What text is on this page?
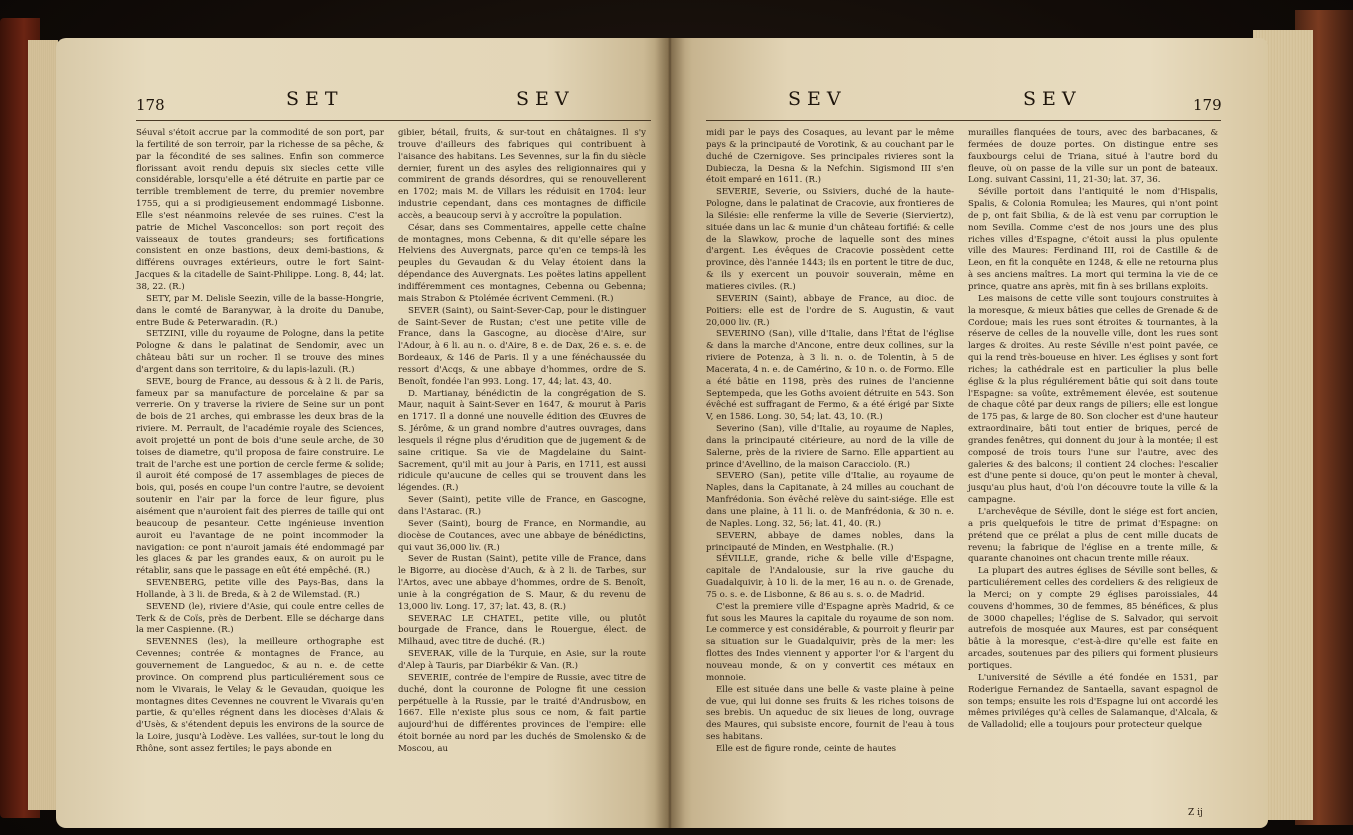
178	SET	SEV

Séuval s'étoit accrue par la commodité de son port, par la fertilité de son terroir, par la richesse de sa pêche, & par la fécondité de ses salines. Enfin son commerce florissant avoit rendu depuis six siecles cette ville considérable, lorsqu'elle a été détruite en partie par ce terrible tremblement de terre, du premier novembre 1755, qui a si prodigieusement endommagé Lisbonne. Elle s'est néanmoins relevée de ses ruines. C'est la patrie de Michel Vasconcellos: son port reçoit des vaisseaux de toutes grandeurs; ses fortifications consistent en onze bastions, deux demi-bastions, & différens ouvrages extérieurs, outre le fort Saint-Jacques & la citadelle de Saint-Philippe. Long. 8, 44; lat. 38, 22. (R.)

SETY, par M. Delisle Seezin, ville de la basse-Hongrie, dans le comté de Baranywar, à la droite du Danube, entre Bude & Peterwaradin. (R.)

SETZINI, ville du royaume de Pologne, dans la petite Pologne & dans le palatinat de Sendomir, avec un château bâti sur un rocher. Il se trouve des mines d'argent dans son territoire, & du lapis-lazuli. (R.)

SEVE, bourg de France, au dessous & à 2 li. de Paris, fameux par sa manufacture de porcelaine & par sa verrerie. On y traverse la riviere de Seine sur un pont de bois de 21 arches, qui embrasse les deux bras de la riviere. M. Perrault, de l'académie royale des Sciences, avoit projetté un pont de bois d'une seule arche, de 30 toises de diametre, qu'il proposa de faire construire. Le trait de l'arche est une portion de cercle ferme & solide; il auroit été composé de 17 assemblages de pieces de bois, qui, posés en coupe l'un contre l'autre, se devoient soutenir en l'air par la force de leur figure, plus aisément que n'auroient fait des pierres de taille qui ont beaucoup de pesanteur. Cette ingénieuse invention auroit eu l'avantage de ne point incommoder la navigation: ce pont n'auroit jamais été endommagé par les glaces & par les grandes eaux, & on auroit pu le rétablir, sans que le passage en eût été empêché. (R.)

SEVENBERG, petite ville des Pays-Bas, dans la Hollande, à 3 li. de Breda, & à 2 de Wilemstad. (R.)

SEVEND (le), riviere d'Asie, qui coule entre celles de Terk & de Coïs, près de Derbent. Elle se décharge dans la mer Caspienne. (R.)

SEVENNES (les), la meilleure orthographe est Cevennes; contrée & montagnes de France, au gouvernement de Languedoc, & au n. e. de cette province. On comprend plus particuliérement sous ce nom le Vivarais, le Velay & le Gevaudan, quoique les montagnes dites Cevennes ne couvrent le Vivarais qu'en partie, & qu'elles régnent dans les diocèses d'Alais & d'Usès, & s'étendent depuis les environs de la source de la Loire, jusqu'à Lodève. Les vallées, sur-tout le long du Rhône, sont assez fertiles; le pays abonde en

gibier, bétail, fruits, & sur-tout en châtaignes. Il s'y trouve d'ailleurs des fabriques qui contribuent à l'aisance des habitans. Les Sevennes, sur la fin du siècle dernier, furent un des asyles des religionnaires qui y commirent de grands désordres, qui se renouvellerent en 1702; mais M. de Villars les réduisit en 1704: leur industrie cependant, dans ces montagnes de difficile accès, a beaucoup servi à y accroître la population.

César, dans ses Commentaires, appelle cette chaîne de montagnes, mons Cebenna, & dit qu'elle sépare les Helviens des Auvergnats, parce qu'en ce temps-là les peuples du Gevaudan & du Velay étoient dans la dépendance des Auvergnats. Les poëtes latins appellent indifféremment ces montagnes, Cebenna ou Gebenna; mais Strabon & Ptolémée écrivent Cemmeni. (R.)

SEVER (Saint), ou Saint-Sever-Cap, pour le distinguer de Saint-Sever de Rustan; c'est une petite ville de France, dans la Gascogne, au diocèse d'Aire, sur l'Adour, à 6 li. au n. o. d'Aire, 8 e. de Dax, 26 e. s. e. de Bordeaux, & 146 de Paris. Il y a une fénéchaussée du ressort d'Acqs, & une abbaye d'hommes, ordre de S. Benoît, fondée l'an 993. Long. 17, 44; lat. 43, 40.

D. Martianay, bénédictin de la congrégation de S. Maur, naquit à Saint-Sever en 1647, & mourut à Paris en 1717. Il a donné une nouvelle édition des Œuvres de S. Jérôme, & un grand nombre d'autres ouvrages, dans lesquels il régne plus d'érudition que de jugement & de saine critique. Sa vie de Magdelaine du Saint-Sacrement, qu'il mit au jour à Paris, en 1711, est aussi ridicule qu'aucune de celles qui se trouvent dans les légendes. (R.)

Sever (Saint), petite ville de France, en Gascogne, dans l'Astarac. (R.)

Sever (Saint), bourg de France, en Normandie, au diocèse de Coutances, avec une abbaye de bénédictins, qui vaut 36,000 liv. (R.)

Sever de Rustan (Saint), petite ville de France, dans le Bigorre, au diocèse d'Auch, & à 2 li. de Tarbes, sur l'Artos, avec une abbaye d'hommes, ordre de S. Benoît, unie à la congrégation de S. Maur, & du revenu de 13,000 liv. Long. 17, 37; lat. 43, 8. (R.)

SEVERAC LE CHATEL, petite ville, ou plutôt bourgade de France, dans le Rouergue, élect. de Milhaud, avec titre de duché. (R.)

SEVERAK, ville de la Turquie, en Asie, sur la route d'Alep à Tauris, par Diarbékir & Van. (R.)

SEVERIE, contrée de l'empire de Russie, avec titre de duché, dont la couronne de Pologne fit une cession perpétuelle à la Russie, par le traité d'Andrusbow, en 1667. Elle n'existe plus sous ce nom, & fait partie aujourd'hui de différentes provinces de l'empire: elle étoit bornée au nord par les duchés de Smolensko & de Moscou, au

SEV	SEV	179

midi par le pays des Cosaques, au levant par le même pays & la principauté de Vorotink, & au couchant par le duché de Czernigove. Ses principales rivieres sont la Dubiecza, la Desna & la Nefchin. Sigismond III s'en étoit emparé en 1611. (R.)

SEVERIE, Severie, ou Ssiviers, duché de la haute-Pologne, dans le palatinat de Cracovie, aux frontieres de la Silésie: elle renferme la ville de Severie (Sierviertz), située dans un lac & munie d'un château fortifié: & celle de la Slawkow, proche de laquelle sont des mines d'argent. Les évêques de Cracovie possèdent cette province, dès l'année 1443; ils en portent le titre de duc, & ils y exercent un pouvoir souverain, même en matieres civiles. (R.)

SEVERIN (Saint), abbaye de France, au dioc. de Poitiers: elle est de l'ordre de S. Augustin, & vaut 20,000 liv. (R.)

SEVERINO (San), ville d'Italie, dans l'État de l'église & dans la marche d'Ancone, entre deux collines, sur la riviere de Potenza, à 3 li. n. o. de Tolentin, à 5 de Macerata, 4 n. e. de Camérino, & 10 n. o. de Formo. Elle a été bâtie en 1198, près des ruines de l'ancienne Septempeda, que les Goths avoient détruite en 543. Son évêché est suffragant de Fermo, & a été érigé par Sixte V, en 1586. Long. 30, 54; lat. 43, 10. (R.)

Severino (San), ville d'Italie, au royaume de Naples, dans la principauté citérieure, au nord de la ville de Salerne, près de la riviere de Sarno. Elle appartient au prince d'Avellino, de la maison Caracciolo. (R.)

SEVERO (San), petite ville d'Italie, au royaume de Naples, dans la Capitanate, à 24 milles au couchant de Manfrédonia. Son évêché relève du saint-siége. Elle est dans une plaine, à 11 li. o. de Manfrédonia, & 30 n. e. de Naples. Long. 32, 56; lat. 41, 40. (R.)

SEVERN, abbaye de dames nobles, dans la principauté de Minden, en Westphalie. (R.)

SÉVILLE, grande, riche & belle ville d'Espagne, capitale de l'Andalousie, sur la rive gauche du Guadalquivir, à 10 li. de la mer, 16 au n. o. de Grenade, 75 o. s. e. de Lisbonne, & 86 au s. s. o. de Madrid.

C'est la premiere ville d'Espagne après Madrid, & ce fut sous les Maures la capitale du royaume de son nom. Le commerce y est considérable, & pourroit y fleurir par sa situation sur le Guadalquivir, près de la mer: les flottes des Indes viennent y apporter l'or & l'argent du nouveau monde, & on y convertit ces métaux en monnoie.

Elle est située dans une belle & vaste plaine à peine de vue, qui lui donne ses fruits & les riches toisons de ses brebis. Un aqueduc de six lieues de long, ouvrage des Maures, qui subsiste encore, fournit de l'eau à tous ses habitans.

Elle est de figure ronde, ceinte de hautes

murailles flanquées de tours, avec des barbacanes, & fermées de douze portes. On distingue entre ses fauxbourgs celui de Triana, situé à l'autre bord du fleuve, où on passe de la ville sur un pont de bateaux. Long. suivant Cassini, 11, 21-30; lat. 37, 36.

Séville portoit dans l'antiquité le nom d'Hispalis, Spalis, & Colonia Romulea; les Maures, qui n'ont point de p, ont fait Sbilia, & de là est venu par corruption le nom Sevilla. Comme c'est de nos jours une des plus riches villes d'Espagne, c'étoit aussi la plus opulente ville des Maures: Ferdinand III, roi de Castille & de Leon, en fit la conquête en 1248, & elle ne retourna plus à ses anciens maîtres. La mort qui termina la vie de ce prince, quatre ans après, mit fin à ses brillans exploits.

Les maisons de cette ville sont toujours construites à la moresque, & mieux bâties que celles de Grenade & de Cordoue; mais les rues sont étroites & tournantes, à la réserve de celles de la nouvelle ville, dont les rues sont larges & droites. Au reste Séville n'est point pavée, ce qui la rend très-boueuse en hiver. Les églises y sont fort riches; la cathédrale est en particulier la plus belle église & la plus réguliérement bâtie qui soit dans toute l'Espagne: sa voûte, extrêmement élevée, est soutenue de chaque côté par deux rangs de piliers; elle est longue de 175 pas, & large de 80. Son clocher est d'une hauteur extraordinaire, bâti tout entier de briques, percé de grandes fenêtres, qui donnent du jour à la montée; il est composé de trois tours l'une sur l'autre, avec des galeries & des balcons; il contient 24 cloches: l'escalier est d'une pente si douce, qu'on peut le monter à cheval, jusqu'au plus haut, d'où l'on découvre toute la ville & la campagne.

L'archevêque de Séville, dont le siége est fort ancien, a pris quelquefois le titre de primat d'Espagne: on prétend que ce prélat a plus de cent mille ducats de revenu; la fabrique de l'église en a trente mille, & quarante chanoines ont chacun trente mille réaux.

La plupart des autres églises de Séville sont belles, & particuliérement celles des cordeliers & des religieux de la Merci; on y compte 29 églises paroissiales, 44 couvens d'hommes, 30 de femmes, 85 bénéfices, & plus de 3000 chapelles; l'église de S. Salvador, qui servoit autrefois de mosquée aux Maures, est par conséquent bâtie à la moresque, c'est-à-dire qu'elle est faite en arcades, soutenues par des piliers qui forment plusieurs portiques.

L'université de Séville a été fondée en 1531, par Roderigue Fernandez de Santaella, savant espagnol de son temps; ensuite les rois d'Espagne lui ont accordé les mêmes priviléges qu'à celles de Salamanque, d'Alcala, & de Valladolid; elle a toujours pour protecteur quelque

Z ij
